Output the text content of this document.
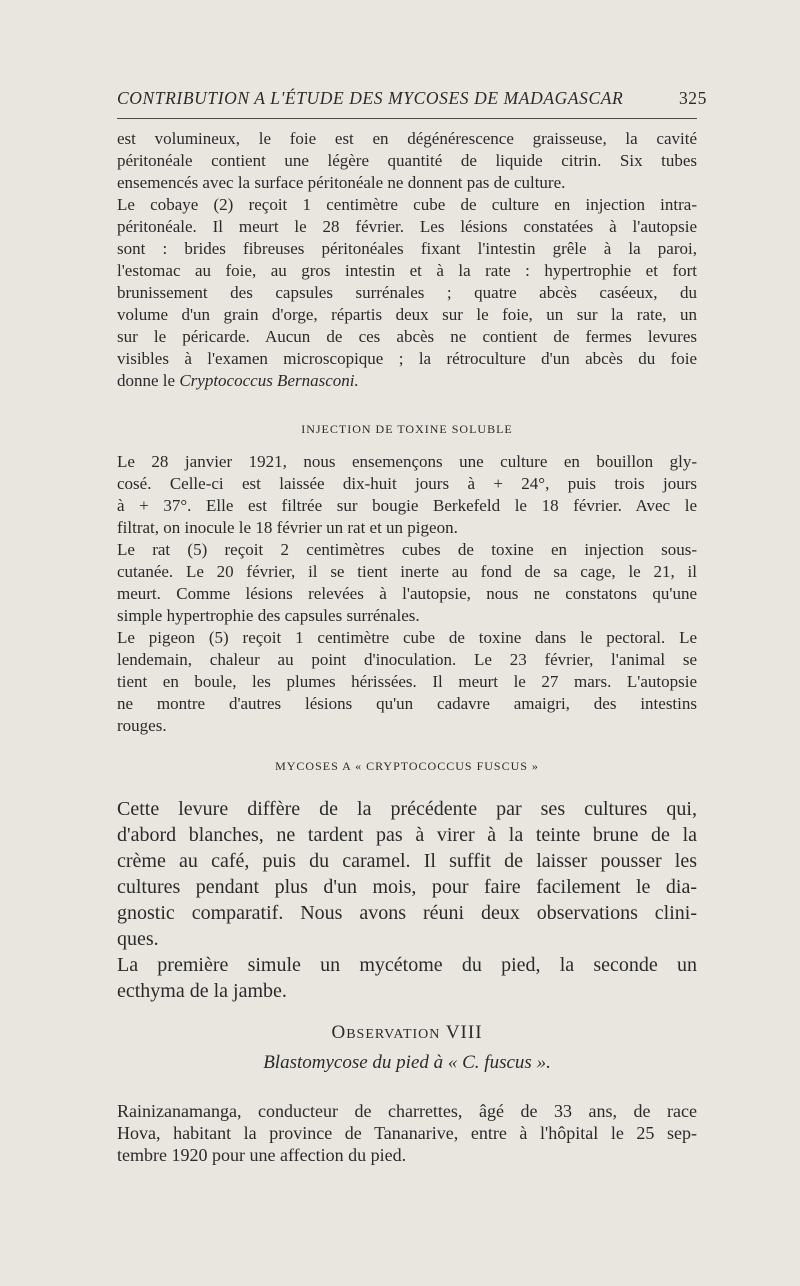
CONTRIBUTION A L'ÉTUDE DES MYCOSES DE MADAGASCAR	325

est volumineux, le foie est en dégénérescence graisseuse, la cavité

péritonéale contient une légère quantité de liquide citrin. Six tubes

ensemencés avec la surface péritonéale ne donnent pas de culture.

Le cobaye (2) reçoit 1 centimètre cube de culture en injection intra-

péritonéale. Il meurt le 28 février. Les lésions constatées à l'autopsie

sont : brides fibreuses péritonéales fixant l'intestin grêle à la paroi,

l'estomac au foie, au gros intestin et à la rate : hypertrophie et fort

brunissement des capsules surrénales ; quatre abcès caséeux, du

volume d'un grain d'orge, répartis deux sur le foie, un sur la rate, un

sur le péricarde. Aucun de ces abcès ne contient de fermes levures

visibles à l'examen microscopique ; la rétroculture d'un abcès du foie

donne le Cryptococcus Bernasconi.

INJECTION DE TOXINE SOLUBLE

Le 28 janvier 1921, nous ensemençons une culture en bouillon gly-

cosé. Celle-ci est laissée dix-huit jours à + 24°, puis trois jours

à + 37°. Elle est filtrée sur bougie Berkefeld le 18 février. Avec le

filtrat, on inocule le 18 février un rat et un pigeon.

Le rat (5) reçoit 2 centimètres cubes de toxine en injection sous-

cutanée. Le 20 février, il se tient inerte au fond de sa cage, le 21, il

meurt. Comme lésions relevées à l'autopsie, nous ne constatons qu'une

simple hypertrophie des capsules surrénales.

Le pigeon (5) reçoit 1 centimètre cube de toxine dans le pectoral. Le

lendemain, chaleur au point d'inoculation. Le 23 février, l'animal se

tient en boule, les plumes hérissées. Il meurt le 27 mars. L'autopsie

ne montre d'autres lésions qu'un cadavre amaigri, des intestins

rouges.

MYCOSES A « CRYPTOCOCCUS FUSCUS »

Cette levure diffère de la précédente par ses cultures qui,

d'abord blanches, ne tardent pas à virer à la teinte brune de la

crème au café, puis du caramel. Il suffit de laisser pousser les

cultures pendant plus d'un mois, pour faire facilement le dia-

gnostic comparatif. Nous avons réuni deux observations clini-

ques.

La première simule un mycétome du pied, la seconde un

ecthyma de la jambe.

OBSERVATION VIII
Blastomycose du pied à « C. fuscus ».

Rainizanamanga, conducteur de charrettes, âgé de 33 ans, de race

Hova, habitant la province de Tananarive, entre à l'hôpital le 25 sep-

tembre 1920 pour une affection du pied.
